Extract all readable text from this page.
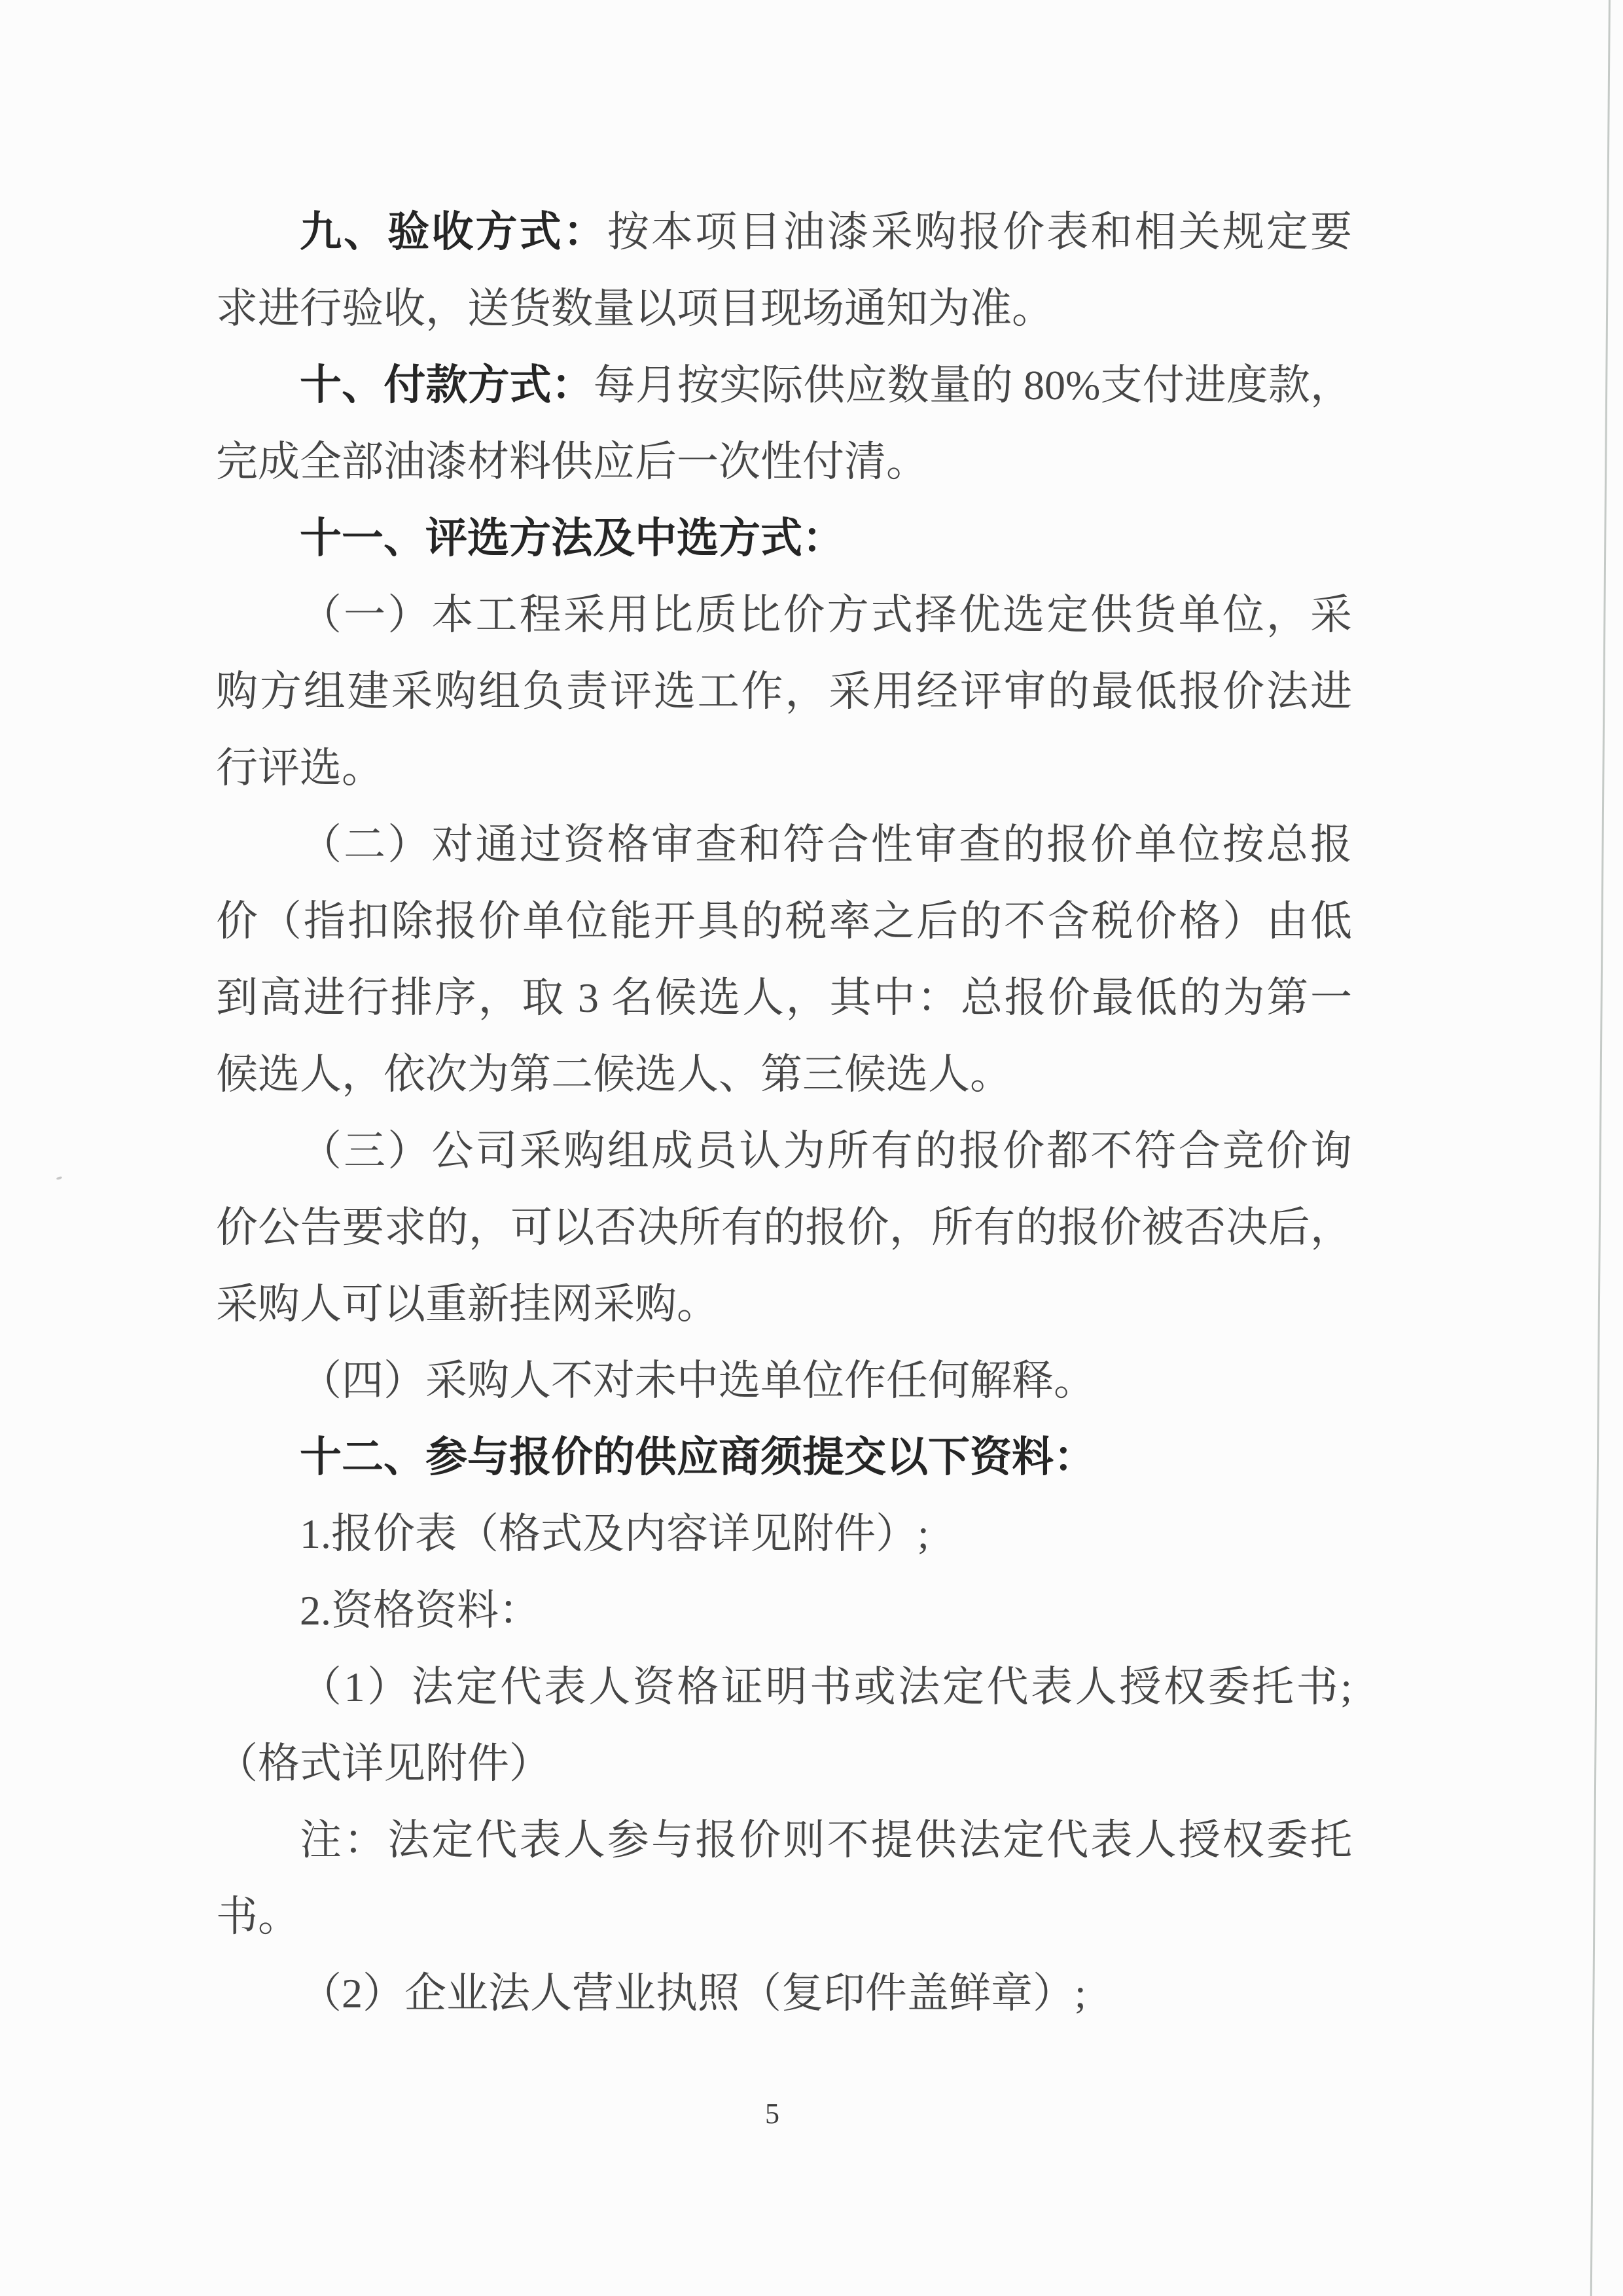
九、验收方式：按本项目油漆采购报价表和相关规定要
求进行验收，送货数量以项目现场通知为准。
十、付款方式：每月按实际供应数量的 80%支付进度款，
完成全部油漆材料供应后一次性付清。
十一、评选方法及中选方式：
（一）本工程采用比质比价方式择优选定供货单位，采
购方组建采购组负责评选工作，采用经评审的最低报价法进
行评选。
（二）对通过资格审查和符合性审查的报价单位按总报
价（指扣除报价单位能开具的税率之后的不含税价格）由低
到高进行排序，取 3 名候选人，其中：总报价最低的为第一
候选人，依次为第二候选人、第三候选人。
（三）公司采购组成员认为所有的报价都不符合竞价询
价公告要求的，可以否决所有的报价，所有的报价被否决后，
采购人可以重新挂网采购。
（四）采购人不对未中选单位作任何解释。
十二、参与报价的供应商须提交以下资料：
1.报价表（格式及内容详见附件）;
2.资格资料：
（1）法定代表人资格证明书或法定代表人授权委托书;
（格式详见附件）
注：法定代表人参与报价则不提供法定代表人授权委托
书。
（2）企业法人营业执照（复印件盖鲜章）;
5
